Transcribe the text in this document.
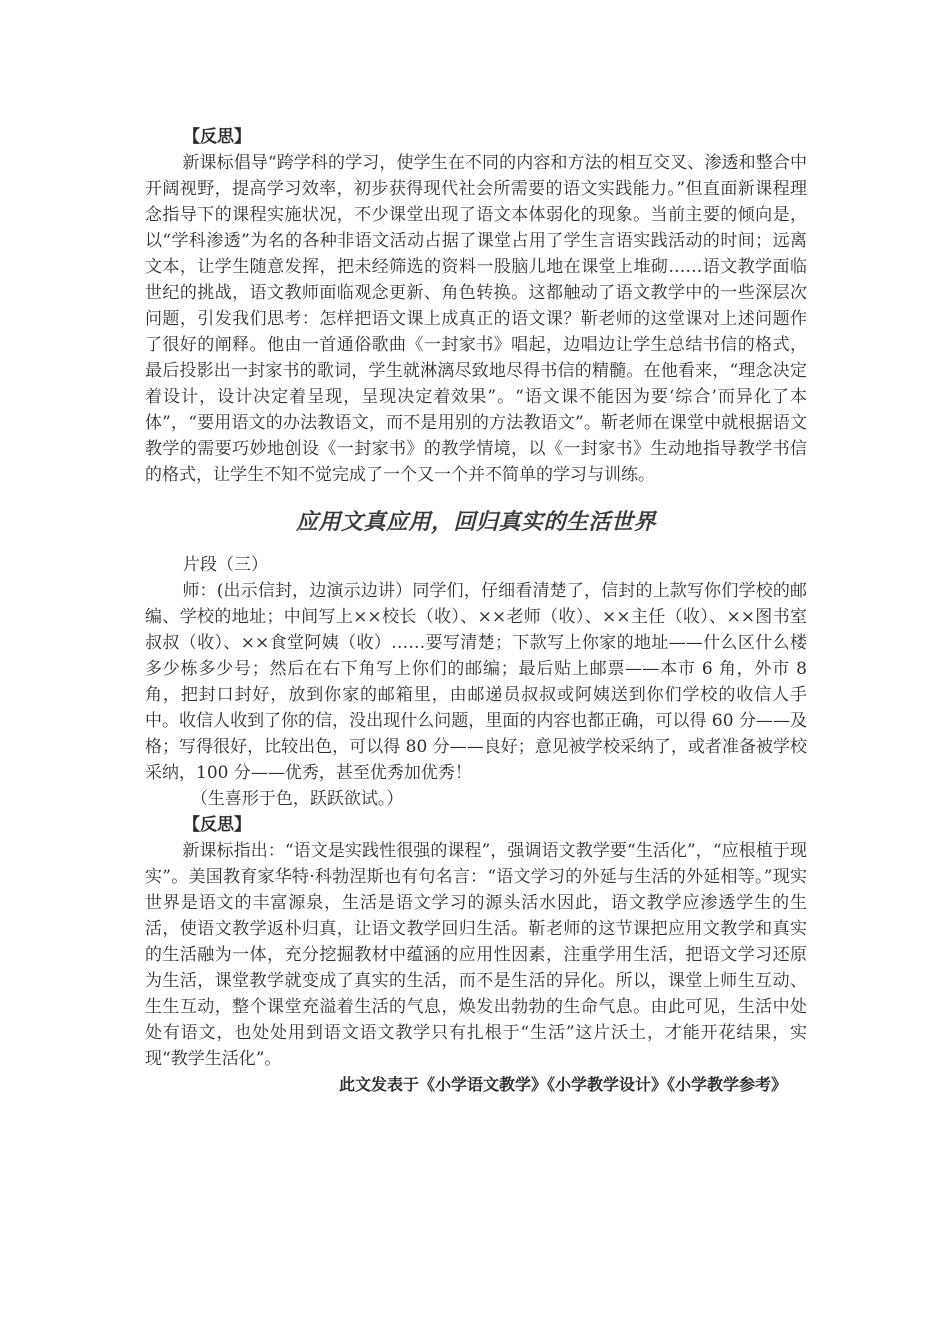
【反思】

新课标倡导“跨学科的学习，使学生在不同的内容和方法的相互交叉、渗透和整合中开阔视野，提高学习效率，初步获得现代社会所需要的语文实践能力。”但直面新课程理念指导下的课程实施状况，不少课堂出现了语文本体弱化的现象。当前主要的倾向是，以“学科渗透”为名的各种非语文活动占据了课堂占用了学生言语实践活动的时间；远离文本，让学生随意发挥，把未经筛选的资料一股脑儿地在课堂上堆砌……语文教学面临世纪的挑战，语文教师面临观念更新、角色转换。这都触动了语文教学中的一些深层次问题，引发我们思考：怎样把语文课上成真正的语文课？靳老师的这堂课对上述问题作了很好的阐释。他由一首通俗歌曲《一封家书》唱起，边唱边让学生总结书信的格式，最后投影出一封家书的歌词，学生就淋漓尽致地尽得书信的精髓。在他看来，“理念决定着设计，设计决定着呈现，呈现决定着效果”。“语文课不能因为要‘综合’而异化了本体”，“要用语文的办法教语文，而不是用别的方法教语文”。靳老师在课堂中就根据语文教学的需要巧妙地创设《一封家书》的教学情境，以《一封家书》生动地指导教学书信的格式，让学生不知不觉完成了一个又一个并不简单的学习与训练。

应用文真应用，回归真实的生活世界
片段（三）

师：(出示信封，边演示边讲）同学们，仔细看清楚了，信封的上款写你们学校的邮编、学校的地址；中间写上××校长（收）、××老师（收）、××主任（收）、××图书室叔叔（收）、××食堂阿姨（收）……要写清楚；下款写上你家的地址——什么区什么楼多少栋多少号；然后在右下角写上你们的邮编；最后贴上邮票——本市 6 角，外市 8 角，把封口封好，放到你家的邮箱里，由邮递员叔叔或阿姨送到你们学校的收信人手中。收信人收到了你的信，没出现什么问题，里面的内容也都正确，可以得 60 分——及格；写得很好，比较出色，可以得 80 分——良好；意见被学校采纳了，或者准备被学校采纳，100 分——优秀，甚至优秀加优秀！

（生喜形于色，跃跃欲试。）

【反思】

新课标指出：“语文是实践性很强的课程”，强调语文教学要“生活化”，“应根植于现实”。美国教育家华特·科勃涅斯也有句名言：“语文学习的外延与生活的外延相等。”现实世界是语文的丰富源泉，生活是语文学习的源头活水因此，语文教学应渗透学生的生活，使语文教学返朴归真，让语文教学回归生活。靳老师的这节课把应用文教学和真实的生活融为一体，充分挖掘教材中蕴涵的应用性因素，注重学用生活，把语文学习还原为生活，课堂教学就变成了真实的生活，而不是生活的异化。所以，课堂上师生互动、生生互动，整个课堂充溢着生活的气息，焕发出勃勃的生命气息。由此可见，生活中处处有语文，也处处用到语文语文教学只有扎根于“生活”这片沃土，才能开花结果，实现“教学生活化”。

此文发表于《小学语文教学》《小学教学设计》《小学教学参考》
